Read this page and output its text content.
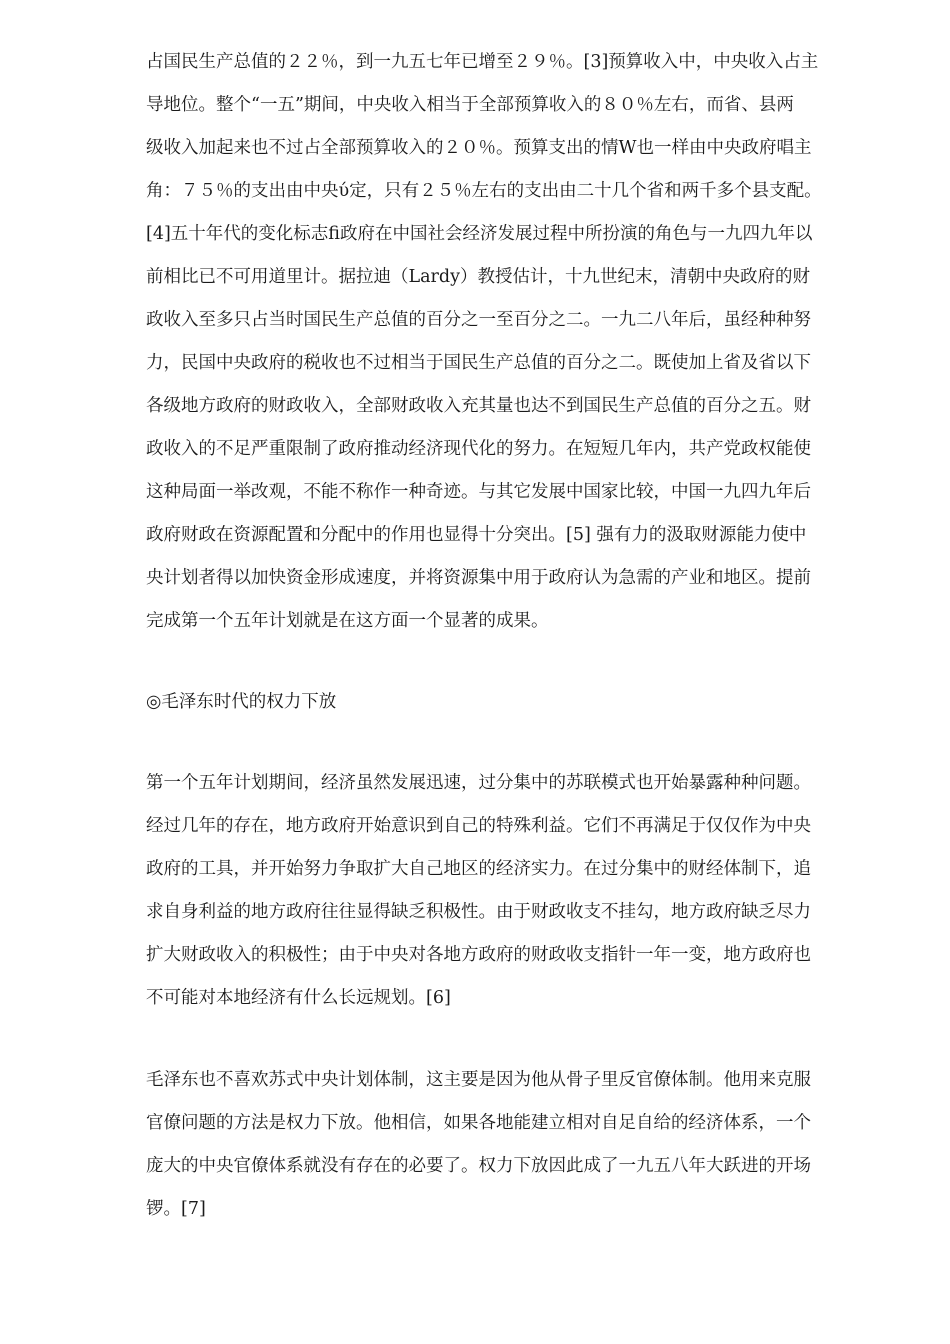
占国民生产总值的２２％，到一九五七年已增至２９％。[3]预算收入中，中央收入占主
导地位。整个“一五”期间，中央收入相当于全部预算收入的８０％左右，而省、县两
级收入加起来也不过占全部预算收入的２０％。预算支出的情W也一样由中央政府唱主
角：７５％的支出由中央ύ定，只有２５％左右的支出由二十几个省和两千多个县支配。
[4]五十年代的变化标志ﬁ政府在中国社会经济发展过程中所扮演的角色与一九四九年以
前相比已不可用道里计。据拉迪（Lardy）教授估计，十九世纪末，清朝中央政府的财
政收入至多只占当时国民生产总值的百分之一至百分之二。一九二八年后，虽经种种努
力，民国中央政府的税收也不过相当于国民生产总值的百分之二。既使加上省及省以下
各级地方政府的财政收入，全部财政收入充其量也达不到国民生产总值的百分之五。财
政收入的不足严重限制了政府推动经济现代化的努力。在短短几年内，共产党政权能使
这种局面一举改观，不能不称作一种奇迹。与其它发展中国家比较，中国一九四九年后
政府财政在资源配置和分配中的作用也显得十分突出。[5] 强有力的汲取财源能力使中
央计划者得以加快资金形成速度，并将资源集中用于政府认为急需的产业和地区。提前
完成第一个五年计划就是在这方面一个显著的成果。
◎毛泽东时代的权力下放
第一个五年计划期间，经济虽然发展迅速，过分集中的苏联模式也开始暴露种种问题。
经过几年的存在，地方政府开始意识到自己的特殊利益。它们不再满足于仅仅作为中央
政府的工具，并开始努力争取扩大自己地区的经济实力。在过分集中的财经体制下，追
求自身利益的地方政府往往显得缺乏积极性。由于财政收支不挂勾，地方政府缺乏尽力
扩大财政收入的积极性；由于中央对各地方政府的财政收支指针一年一变，地方政府也
不可能对本地经济有什么长远规划。[6]
毛泽东也不喜欢苏式中央计划体制，这主要是因为他从骨子里反官僚体制。他用来克服
官僚问题的方法是权力下放。他相信，如果各地能建立相对自足自给的经济体系，一个
庞大的中央官僚体系就没有存在的必要了。权力下放因此成了一九五八年大跃进的开场
锣。[7]
